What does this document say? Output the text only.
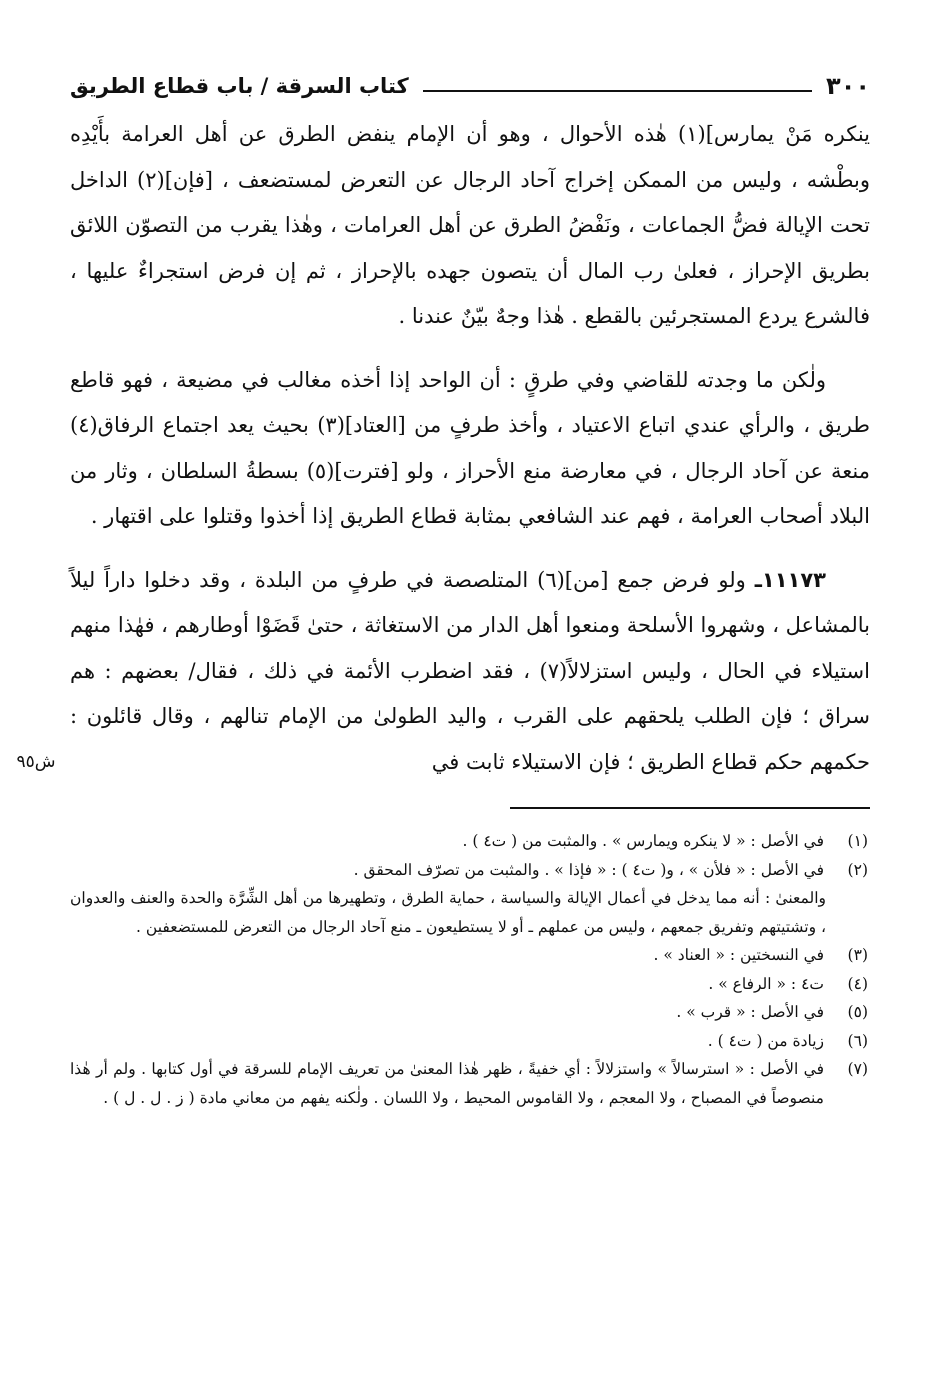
٣٠٠
كتاب السرقة / باب قطاع الطريق

ينكره مَنْ يمارس](١) هٰذه الأحوال ، وهو أن الإمام ينفض الطرق عن أهل العرامة بأَيْدِه وبطْشه ، وليس من الممكن إخراج آحاد الرجال عن التعرض لمستضعف ، [فإن](٢) الداخل تحت الإيالة فضُّ الجماعات ، ونَفْضُ الطرق عن أهل العرامات ، وهٰذا يقرب من التصوّن اللائق بطريق الإحراز ، فعلىٰ رب المال أن يتصون جهده بالإحراز ، ثم إن فرض استجراءٌ عليها ، فالشرع يردع المستجرئين بالقطع . هٰذا وجهٌ بيّنٌ عندنا .

ولٰكن ما وجدته للقاضي وفي طرقٍ : أن الواحد إذا أخذه مغالب في مضيعة ، فهو قاطع طريق ، والرأي عندي اتباع الاعتياد ، وأخذ طرفٍ من [العتاد](٣) بحيث يعد اجتماع الرفاق(٤) منعة عن آحاد الرجال ، في معارضة منع الأحراز ، ولو [فترت](٥) بسطةُ السلطان ، وثار من البلاد أصحاب العرامة ، فهم عند الشافعي بمثابة قطاع الطريق إذا أخذوا وقتلوا على اقتهار .

١١١٧٣ـ ولو فرض جمع [من](٦) المتلصصة في طرفٍ من البلدة ، وقد دخلوا داراً ليلاً بالمشاعل ، وشهروا الأسلحة ومنعوا أهل الدار من الاستغاثة ، حتىٰ قَضَوْا أوطارهم ، فهٰذا منهم استيلاء في الحال ، وليس استزلالاً(٧) ، فقد اضطرب الأئمة في ذلك ، فقال/ بعضهم : هم سراق ؛ فإن الطلب يلحقهم على القرب ، واليد الطولىٰ من الإمام تنالهم ، وقال قائلون : حكمهم حكم قطاع الطريق ؛ فإن الاستيلاء ثابت في

ش٩٥
(١)
في الأصل : « لا ينكره ويمارس » . والمثبت من ( ت٤ ) .
(٢)
في الأصل : « فلأن » ، و( ت٤ ) : « فإذا » . والمثبت من تصرّف المحقق .
والمعنىٰ : أنه مما يدخل في أعمال الإيالة والسياسة ، حماية الطرق ، وتطهيرها من أهل الشِّرَّة والحدة والعنف والعدوان ، وتشتيتهم وتفريق جمعهم ، وليس من عملهم ـ أو لا يستطيعون ـ منع آحاد الرجال من التعرض للمستضعفين .
(٣)
في النسختين : « العناد » .
(٤)
ت٤ : « الرفاع » .
(٥)
في الأصل : « قرب » .
(٦)
زيادة من ( ت٤ ) .
(٧)
في الأصل : « استرسالاً » واستزلالاً : أي خفيةً ، ظهر هٰذا المعنىٰ من تعريف الإمام للسرقة في أول كتابها . ولم أر هٰذا منصوصاً في المصباح ، ولا المعجم ، ولا القاموس المحيط ، ولا اللسان . ولٰكنه يفهم من معاني مادة ( ز . ل . ل ) .
